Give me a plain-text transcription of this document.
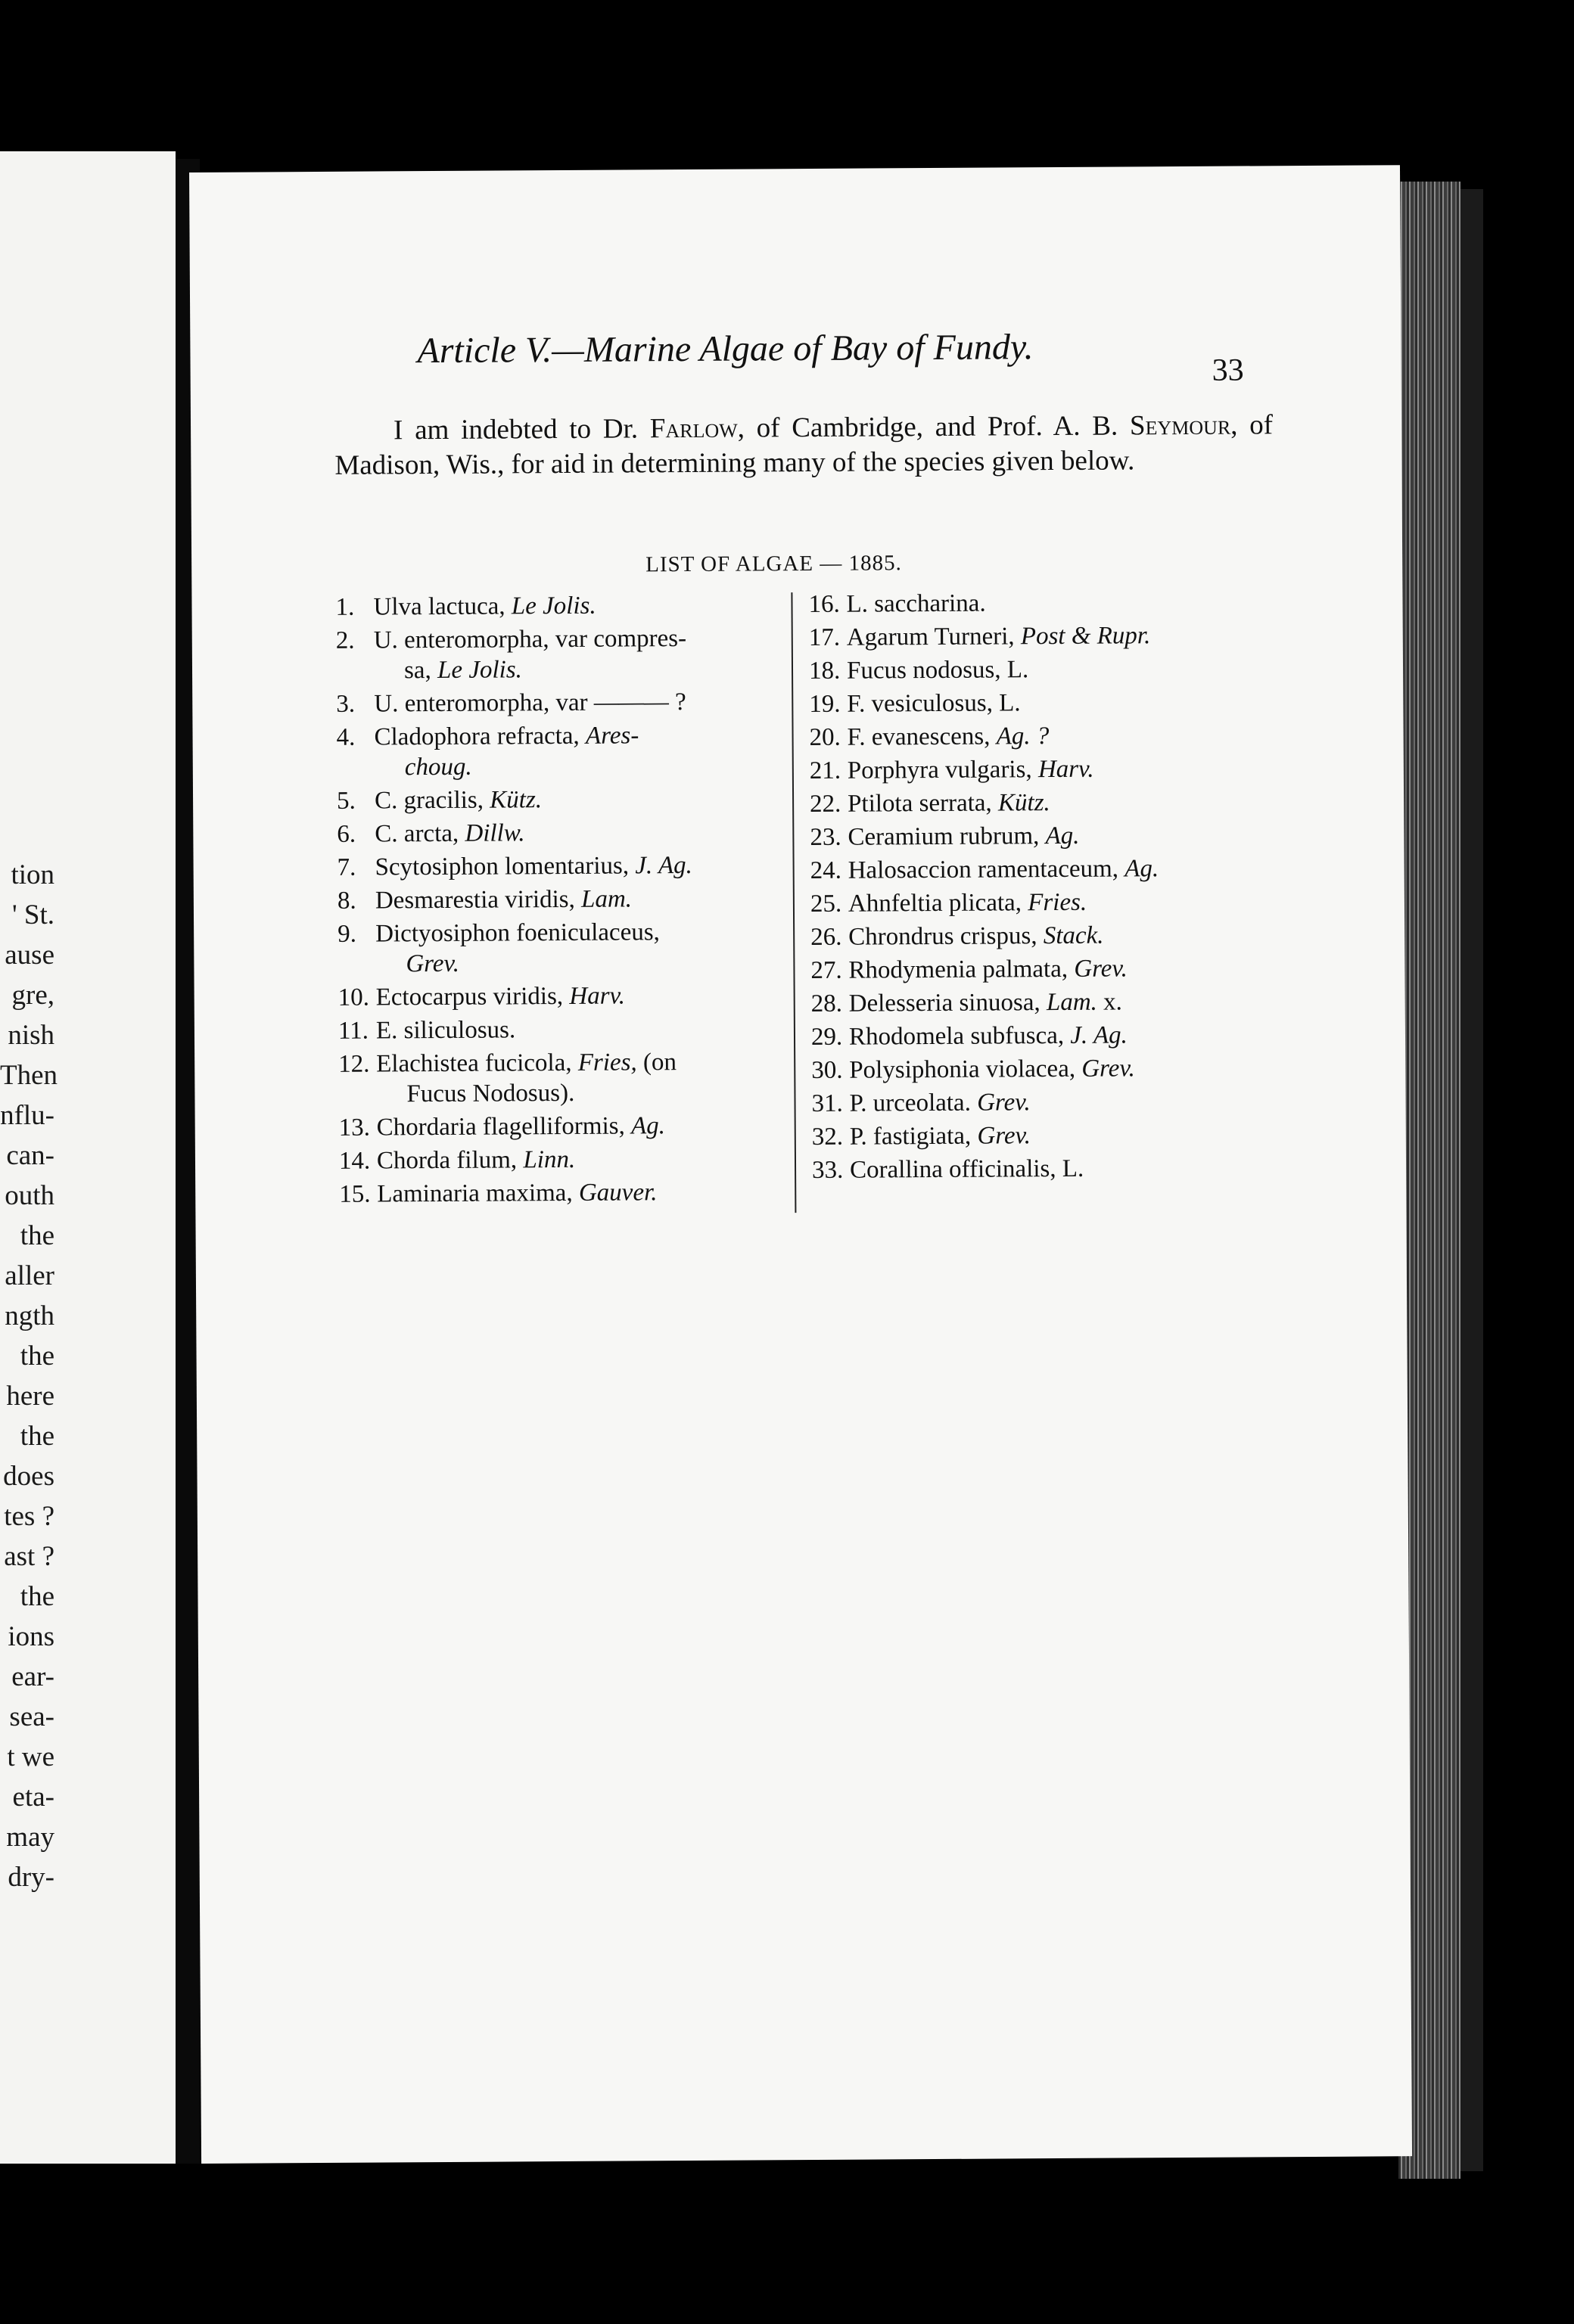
tion
' St.
ause
gre,
nish
Then
nflu-
can-
outh
the
aller
ngth
the
here
the
does
tes ?
ast ?
the
ions
ear-
sea-
t we
eta-
may
dry-
Article V.—Marine Algae of Bay of Fundy.	33

I am indebted to Dr. Farlow, of Cambridge, and Prof. A. B. Seymour, of Madison, Wis., for aid in determining many of the species given below.

LIST OF ALGAE — 1885.
1. Ulva lactuca, Le Jolis.
2. U. enteromorpha, var compres-
sa, Le Jolis.
3. U. enteromorpha, var ——— ?
4. Cladophora refracta, Ares-
choug.
5. C. gracilis, Kütz.
6. C. arcta, Dillw.
7. Scytosiphon lomentarius, J. Ag.
8. Desmarestia viridis, Lam.
9. Dictyosiphon foeniculaceus,
Grev.
10. Ectocarpus viridis, Harv.
11. E. siliculosus.
12. Elachistea fucicola, Fries, (on
Fucus Nodosus).
13. Chordaria flagelliformis, Ag.
14. Chorda filum, Linn.
15. Laminaria maxima, Gauver.
16. L. saccharina.
17. Agarum Turneri, Post & Rupr.
18. Fucus nodosus, L.
19. F. vesiculosus, L.
20. F. evanescens, Ag. ?
21. Porphyra vulgaris, Harv.
22. Ptilota serrata, Kütz.
23. Ceramium rubrum, Ag.
24. Halosaccion ramentaceum, Ag.
25. Ahnfeltia plicata, Fries.
26. Chrondrus crispus, Stack.
27. Rhodymenia palmata, Grev.
28. Delesseria sinuosa, Lam. x.
29. Rhodomela subfusca, J. Ag.
30. Polysiphonia violacea, Grev.
31. P. urceolata. Grev.
32. P. fastigiata, Grev.
33. Corallina officinalis, L.
